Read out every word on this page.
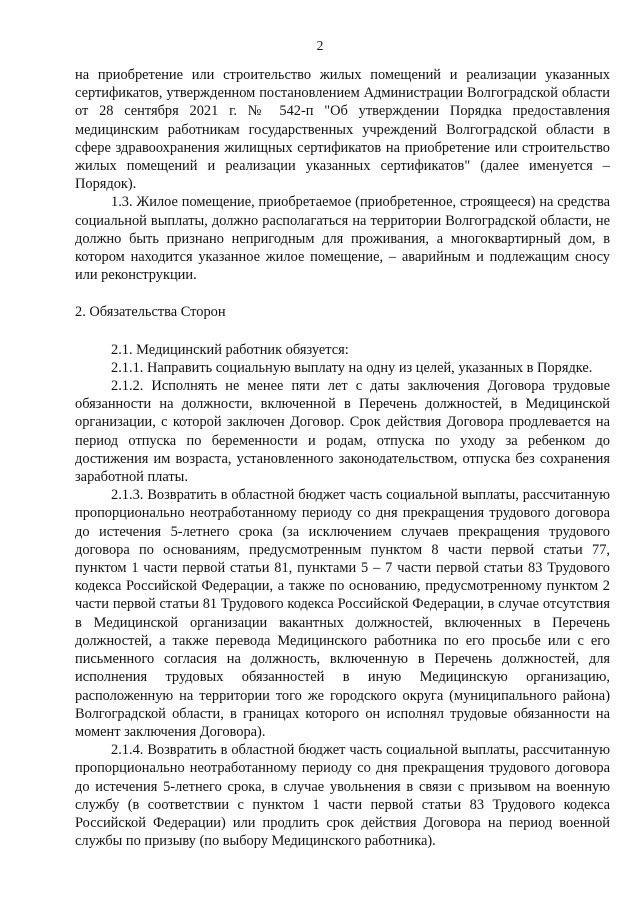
2

на приобретение или строительство жилых помещений и реализации указанных сертификатов, утвержденном постановлением Администрации Волгоградской области от 28 сентября 2021 г. № 542-п "Об утверждении Порядка предоставления медицинским работникам государственных учреждений Волгоградской области в сфере здравоохранения жилищных сертификатов на приобретение или строительство жилых помещений и реализации указанных сертификатов" (далее именуется – Порядок).

1.3. Жилое помещение, приобретаемое (приобретенное, строящееся) на средства социальной выплаты, должно располагаться на территории Волгоградской области, не должно быть признано непригодным для проживания, а многоквартирный дом, в котором находится указанное жилое помещение, – аварийным и подлежащим сносу или реконструкции.

2. Обязательства Сторон

2.1. Медицинский работник обязуется:

2.1.1. Направить социальную выплату на одну из целей, указанных в Порядке.

2.1.2. Исполнять не менее пяти лет с даты заключения Договора трудовые обязанности на должности, включенной в Перечень должностей, в Медицинской организации, с которой заключен Договор. Срок действия Договора продлевается на период отпуска по беременности и родам, отпуска по уходу за ребенком до достижения им возраста, установленного законодательством, отпуска без сохранения заработной платы.

2.1.3. Возвратить в областной бюджет часть социальной выплаты, рассчитанную пропорционально неотработанному периоду со дня прекращения трудового договора до истечения 5-летнего срока (за исключением случаев прекращения трудового договора по основаниям, предусмотренным пунктом 8 части первой статьи 77, пунктом 1 части первой статьи 81, пунктами 5 – 7 части первой статьи 83 Трудового кодекса Российской Федерации, а также по основанию, предусмотренному пунктом 2 части первой статьи 81 Трудового кодекса Российской Федерации, в случае отсутствия в Медицинской организации вакантных должностей, включенных в Перечень должностей, а также перевода Медицинского работника по его просьбе или с его письменного согласия на должность, включенную в Перечень должностей, для исполнения трудовых обязанностей в иную Медицинскую организацию, расположенную на территории того же городского округа (муниципального района) Волгоградской области, в границах которого он исполнял трудовые обязанности на момент заключения Договора).

2.1.4. Возвратить в областной бюджет часть социальной выплаты, рассчитанную пропорционально неотработанному периоду со дня прекращения трудового договора до истечения 5-летнего срока, в случае увольнения в связи с призывом на военную службу (в соответствии с пунктом 1 части первой статьи 83 Трудового кодекса Российской Федерации) или продлить срок действия Договора на период военной службы по призыву (по выбору Медицинского работника).
